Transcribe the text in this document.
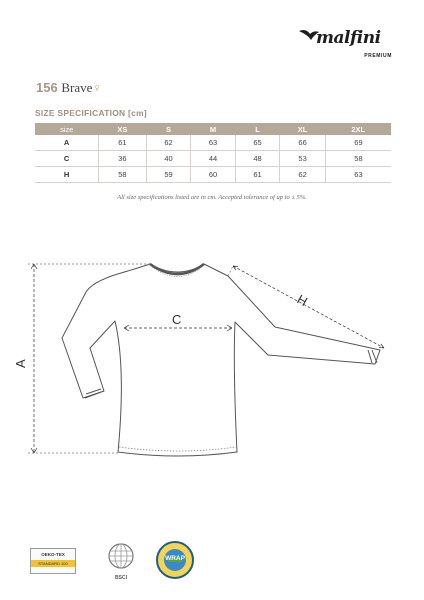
malfini
PREMIUM
156 Brave♀
SIZE SPECIFICATION [cm]
size	XS	S	M	L	XL	2XL
A	61	62	63	65	66	69
C	36	40	44	48	53	58
H	58	59	60	61	62	63
All size specifications listed are in cm. Accepted tolerance of up to ± 5%.
C
A
H
OEKO-TEX
STANDARD 100
BSCI
WRAP
